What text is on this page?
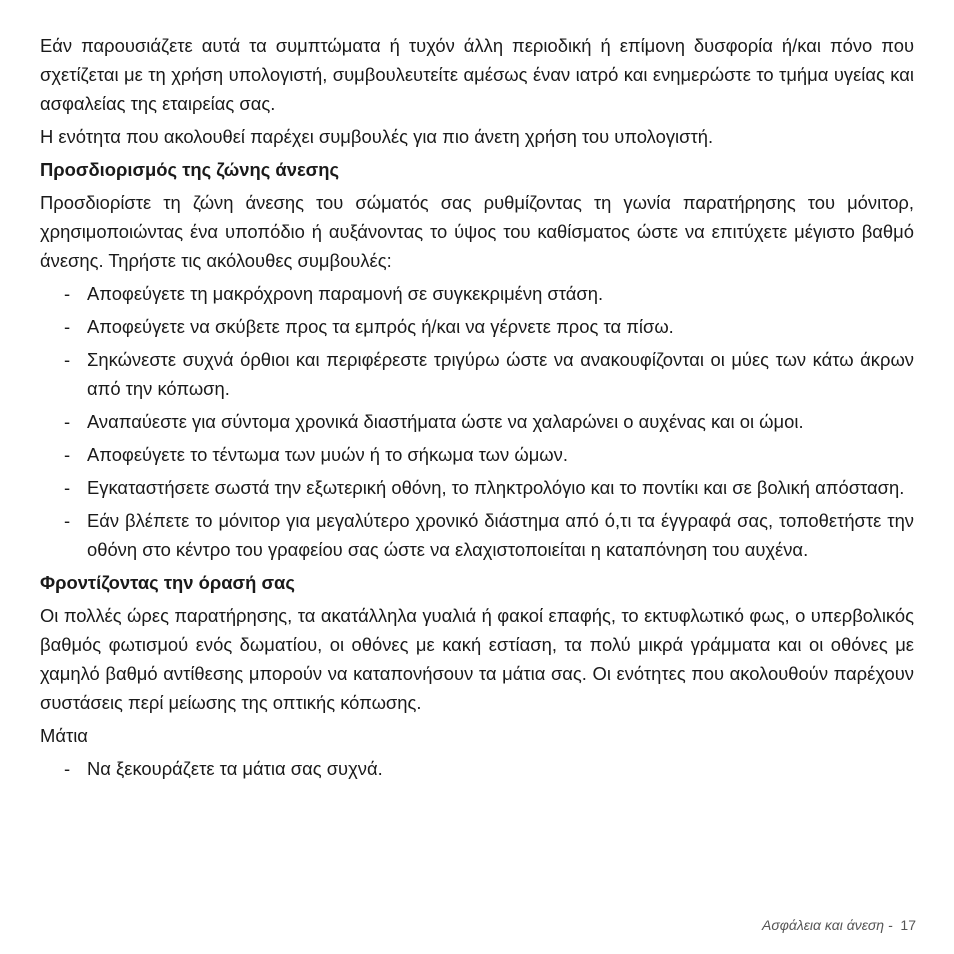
Εάν παρουσιάζετε αυτά τα συμπτώματα ή τυχόν άλλη περιοδική ή επίμονη δυσφορία ή/και πόνο που σχετίζεται με τη χρήση υπολογιστή, συμβουλευτείτε αμέσως έναν ιατρό και ενημερώστε το τμήμα υγείας και ασφαλείας της εταιρείας σας.

Η ενότητα που ακολουθεί παρέχει συμβουλές για πιο άνετη χρήση του υπολογιστή.

Προσδιορισμός της ζώνης άνεσης

Προσδιορίστε τη ζώνη άνεσης του σώματός σας ρυθμίζοντας τη γωνία παρατήρησης του μόνιτορ, χρησιμοποιώντας ένα υποπόδιο ή αυξάνοντας το ύψος του καθίσματος ώστε να επιτύχετε μέγιστο βαθμό άνεσης. Τηρήστε τις ακόλουθες συμβουλές:

- Αποφεύγετε τη μακρόχρονη παραμονή σε συγκεκριμένη στάση.
- Αποφεύγετε να σκύβετε προς τα εμπρός ή/και να γέρνετε προς τα πίσω.
- Σηκώνεστε συχνά όρθιοι και περιφέρεστε τριγύρω ώστε να ανακουφίζονται οι μύες των κάτω άκρων από την κόπωση.
- Αναπαύεστε για σύντομα χρονικά διαστήματα ώστε να χαλαρώνει ο αυχένας και οι ώμοι.
- Αποφεύγετε το τέντωμα των μυών ή το σήκωμα των ώμων.
- Εγκαταστήσετε σωστά την εξωτερική οθόνη, το πληκτρολόγιο και το ποντίκι και σε βολική απόσταση.
- Εάν βλέπετε το μόνιτορ για μεγαλύτερο χρονικό διάστημα από ό,τι τα έγγραφά σας, τοποθετήστε την οθόνη στο κέντρο του γραφείου σας ώστε να ελαχιστοποιείται η καταπόνηση του αυχένα.
Φροντίζοντας την όρασή σας

Οι πολλές ώρες παρατήρησης, τα ακατάλληλα γυαλιά ή φακοί επαφής, το εκτυφλωτικό φως, ο υπερβολικός βαθμός φωτισμού ενός δωματίου, οι οθόνες με κακή εστίαση, τα πολύ μικρά γράμματα και οι οθόνες με χαμηλό βαθμό αντίθεσης μπορούν να καταπονήσουν τα μάτια σας. Οι ενότητες που ακολουθούν παρέχουν συστάσεις περί μείωσης της οπτικής κόπωσης.

Μάτια

- Να ξεκουράζετε τα μάτια σας συχνά.
Ασφάλεια και άνεση - 17
